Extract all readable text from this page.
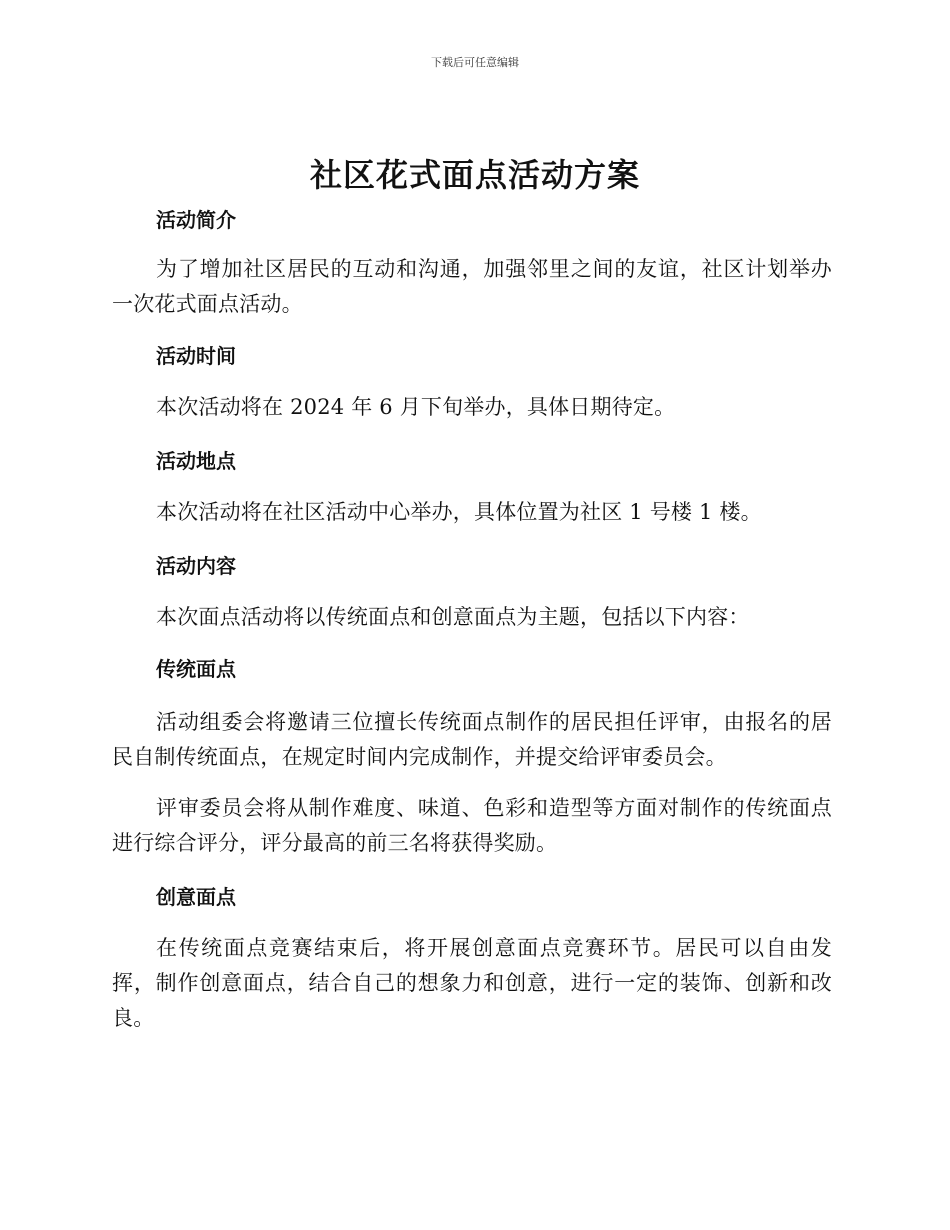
下载后可任意编辑
社区花式面点活动方案
活动简介

为了增加社区居民的互动和沟通，加强邻里之间的友谊，社区计划举办一次花式面点活动。

活动时间

本次活动将在 2024 年 6 月下旬举办，具体日期待定。

活动地点

本次活动将在社区活动中心举办，具体位置为社区 1 号楼 1 楼。

活动内容

本次面点活动将以传统面点和创意面点为主题，包括以下内容：

传统面点

活动组委会将邀请三位擅长传统面点制作的居民担任评审，由报名的居民自制传统面点，在规定时间内完成制作，并提交给评审委员会。

评审委员会将从制作难度、味道、色彩和造型等方面对制作的传统面点进行综合评分，评分最高的前三名将获得奖励。

创意面点

在传统面点竞赛结束后，将开展创意面点竞赛环节。居民可以自由发挥，制作创意面点，结合自己的想象力和创意，进行一定的装饰、创新和改良。
